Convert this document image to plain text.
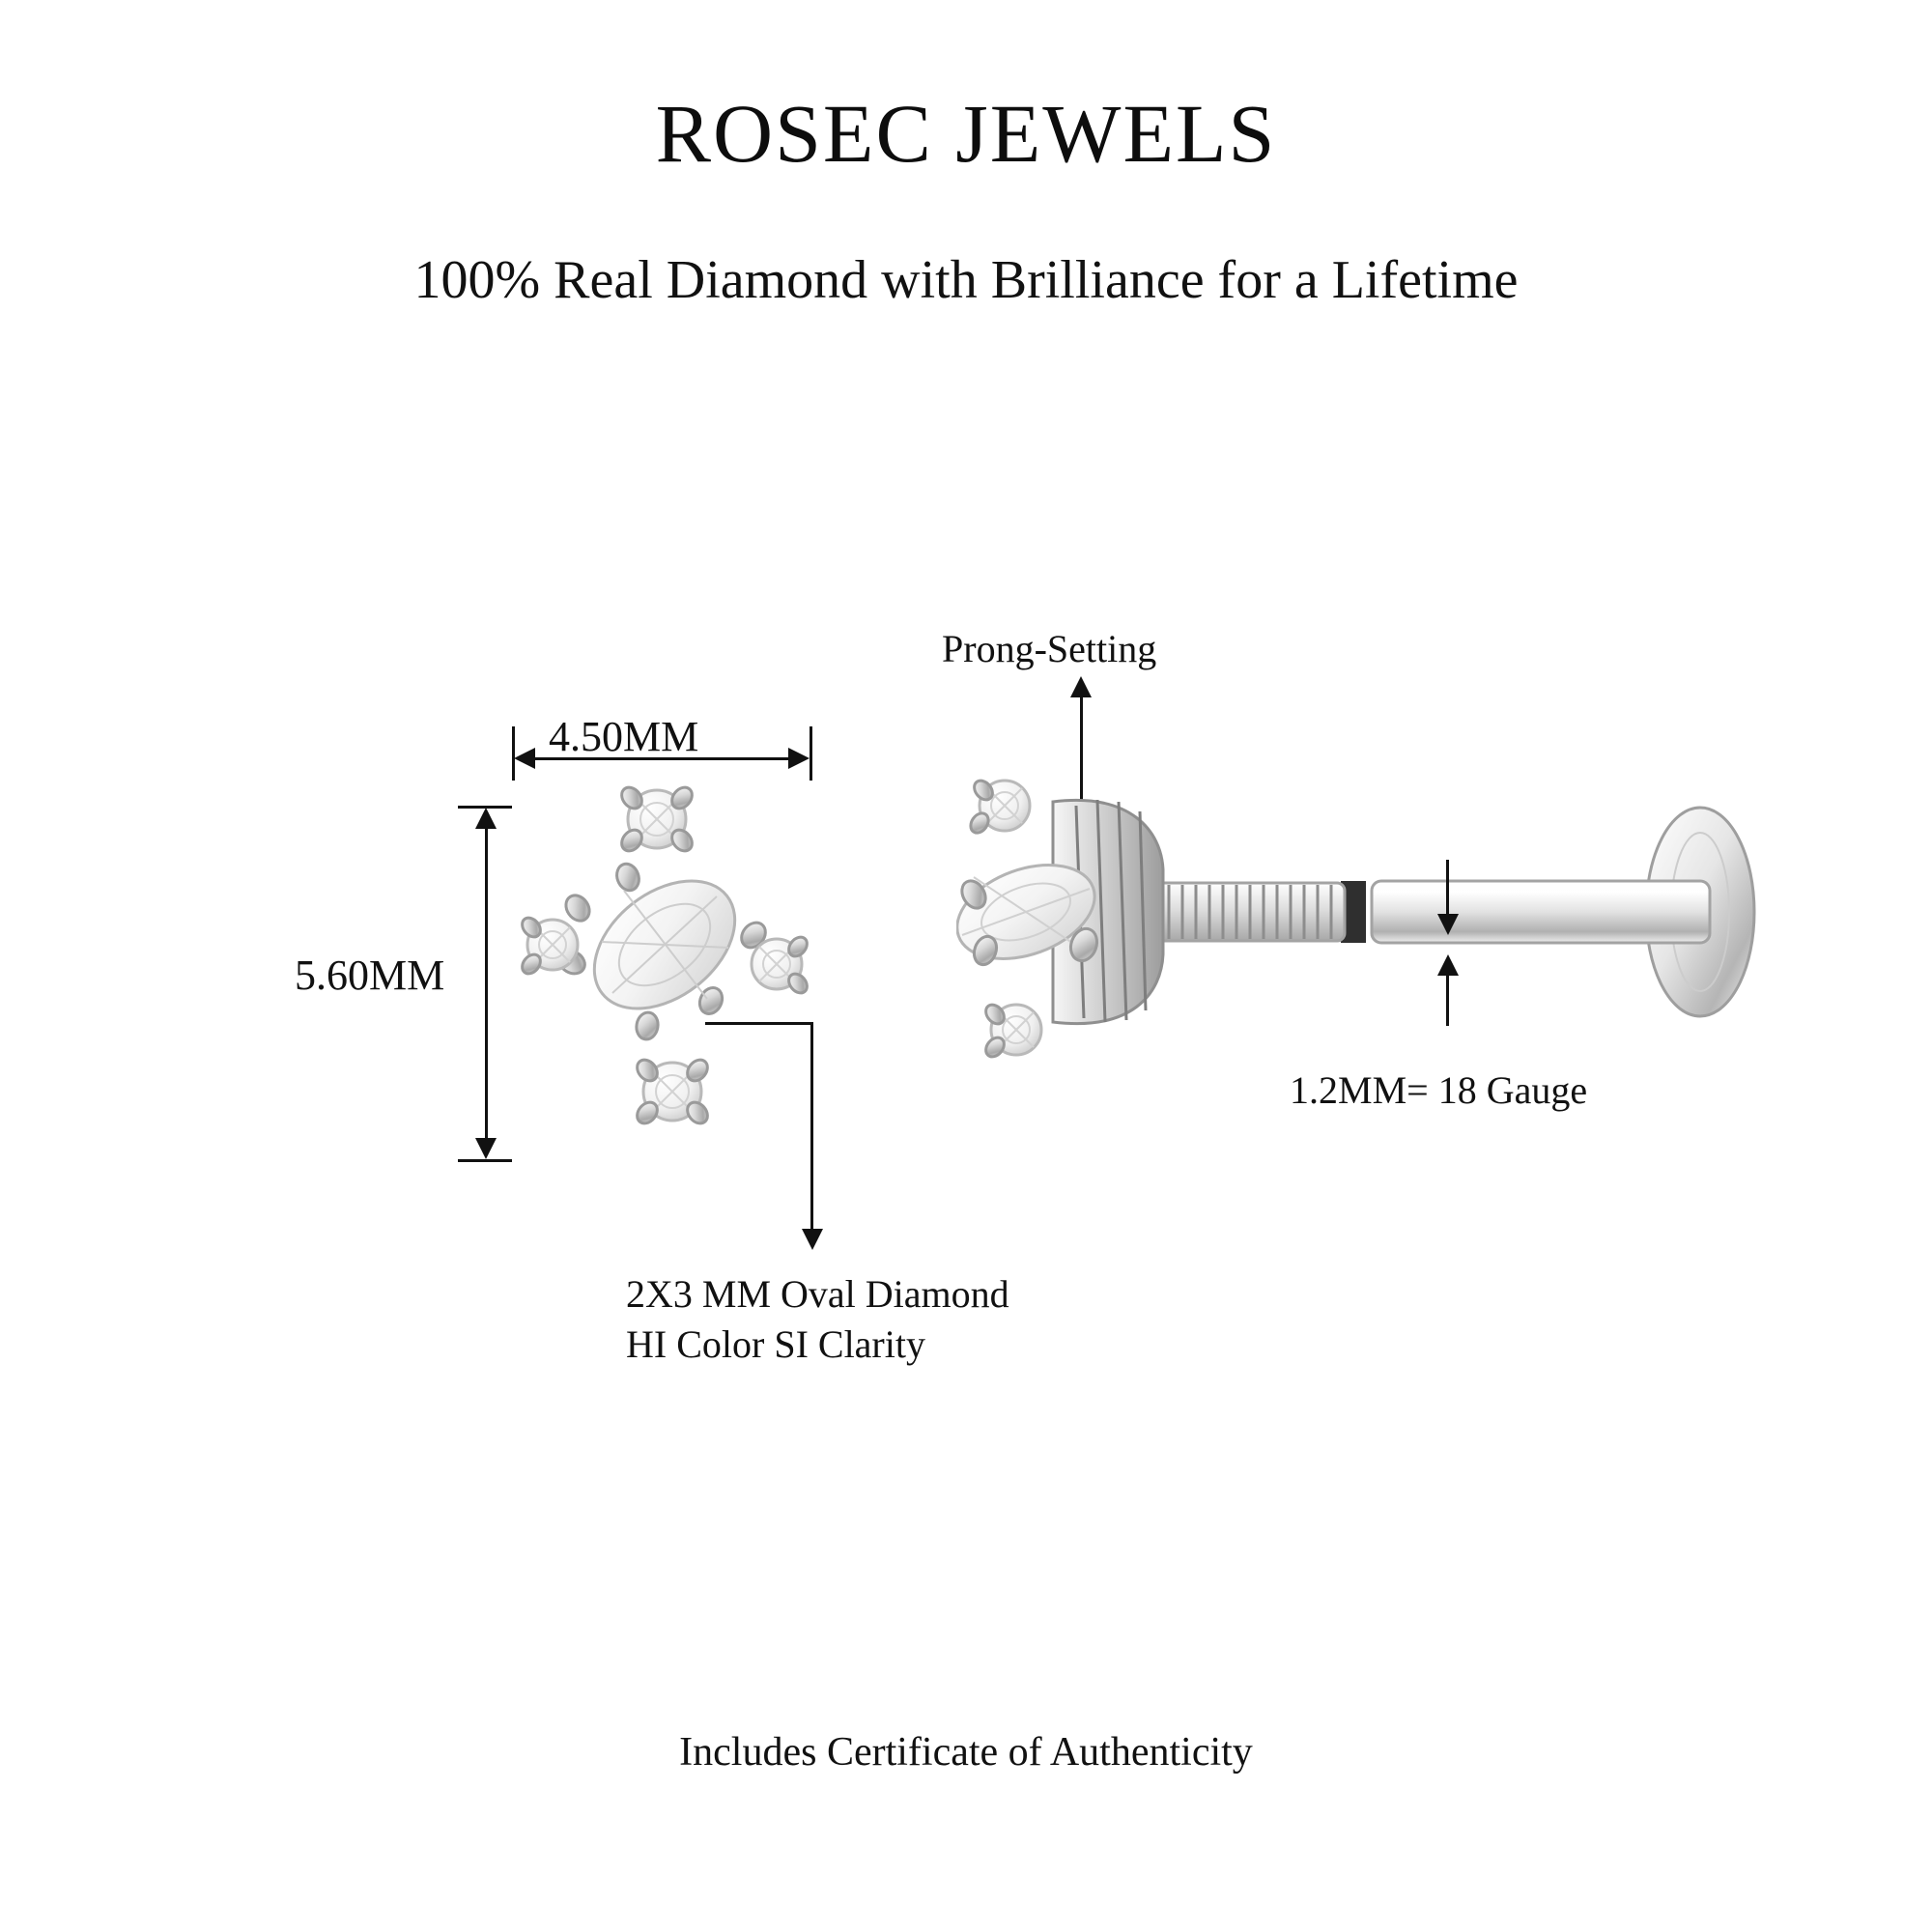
ROSEC JEWELS
100% Real Diamond with Brilliance for a Lifetime
4.50MM
5.60MM
2X3 MM Oval Diamond
HI Color SI Clarity
Prong-Setting
1.2MM= 18 Gauge
Includes Certificate of Authenticity
